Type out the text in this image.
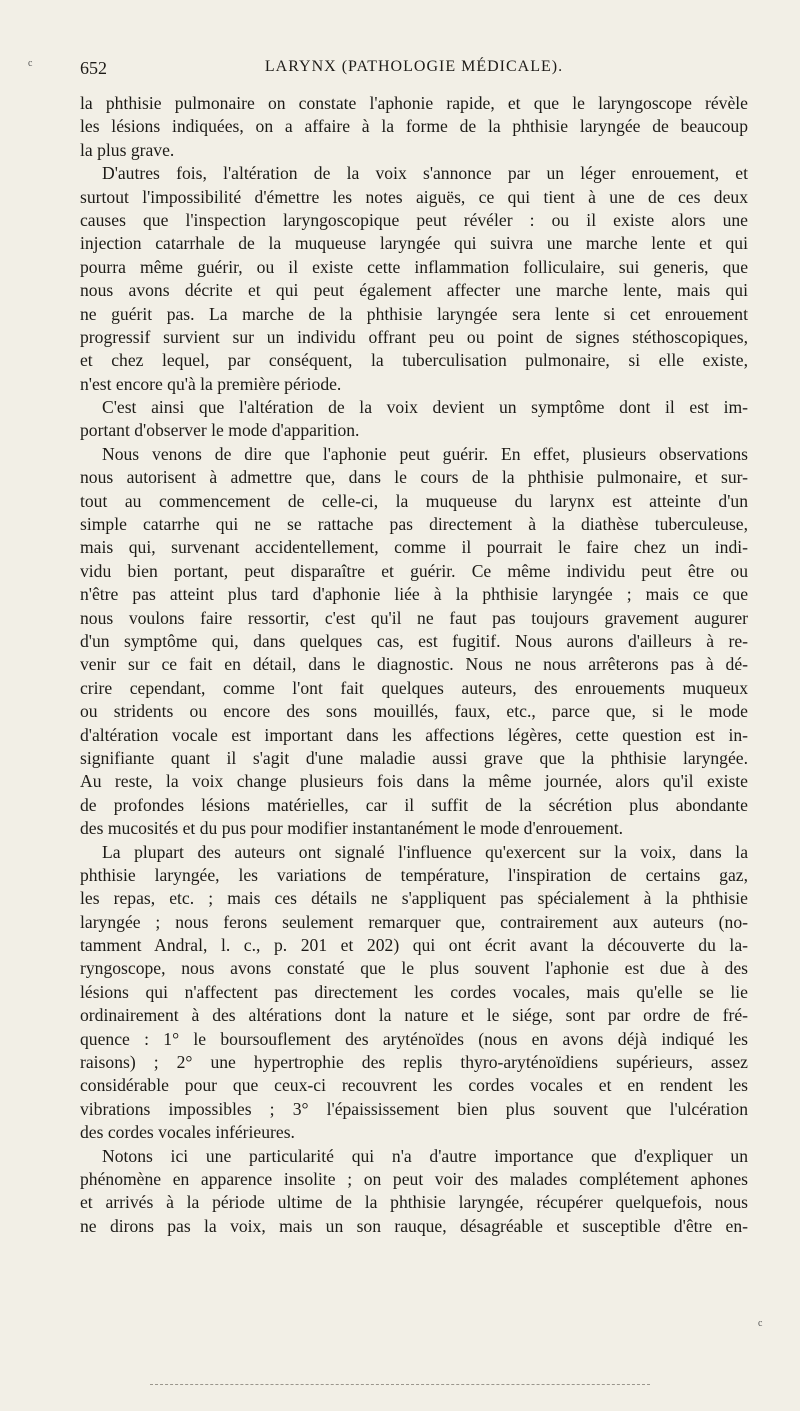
c	652	LARYNX (PATHOLOGIE MÉDICALE).
la phthisie pulmonaire on constate l'aphonie rapide, et que le laryngoscope révèle
les lésions indiquées, on a affaire à la forme de la phthisie laryngée de beaucoup
la plus grave.
D'autres fois, l'altération de la voix s'annonce par un léger enrouement, et
surtout l'impossibilité d'émettre les notes aiguës, ce qui tient à une de ces deux
causes que l'inspection laryngoscopique peut révéler : ou il existe alors une
injection catarrhale de la muqueuse laryngée qui suivra une marche lente et qui
pourra même guérir, ou il existe cette inflammation folliculaire, sui generis, que
nous avons décrite et qui peut également affecter une marche lente, mais qui
ne guérit pas. La marche de la phthisie laryngée sera lente si cet enrouement
progressif survient sur un individu offrant peu ou point de signes stéthoscopiques,
et chez lequel, par conséquent, la tuberculisation pulmonaire, si elle existe,
n'est encore qu'à la première période.
C'est ainsi que l'altération de la voix devient un symptôme dont il est im-
portant d'observer le mode d'apparition.
Nous venons de dire que l'aphonie peut guérir. En effet, plusieurs observations
nous autorisent à admettre que, dans le cours de la phthisie pulmonaire, et sur-
tout au commencement de celle-ci, la muqueuse du larynx est atteinte d'un
simple catarrhe qui ne se rattache pas directement à la diathèse tuberculeuse,
mais qui, survenant accidentellement, comme il pourrait le faire chez un indi-
vidu bien portant, peut disparaître et guérir. Ce même individu peut être ou
n'être pas atteint plus tard d'aphonie liée à la phthisie laryngée ; mais ce que
nous voulons faire ressortir, c'est qu'il ne faut pas toujours gravement augurer
d'un symptôme qui, dans quelques cas, est fugitif. Nous aurons d'ailleurs à re-
venir sur ce fait en détail, dans le diagnostic. Nous ne nous arrêterons pas à dé-
crire cependant, comme l'ont fait quelques auteurs, des enrouements muqueux
ou stridents ou encore des sons mouillés, faux, etc., parce que, si le mode
d'altération vocale est important dans les affections légères, cette question est in-
signifiante quant il s'agit d'une maladie aussi grave que la phthisie laryngée.
Au reste, la voix change plusieurs fois dans la même journée, alors qu'il existe
de profondes lésions matérielles, car il suffit de la sécrétion plus abondante
des mucosités et du pus pour modifier instantanément le mode d'enrouement.
La plupart des auteurs ont signalé l'influence qu'exercent sur la voix, dans la
phthisie laryngée, les variations de température, l'inspiration de certains gaz,
les repas, etc. ; mais ces détails ne s'appliquent pas spécialement à la phthisie
laryngée ; nous ferons seulement remarquer que, contrairement aux auteurs (no-
tamment Andral, l. c., p. 201 et 202) qui ont écrit avant la découverte du la-
ryngoscope, nous avons constaté que le plus souvent l'aphonie est due à des
lésions qui n'affectent pas directement les cordes vocales, mais qu'elle se lie
ordinairement à des altérations dont la nature et le siége, sont par ordre de fré-
quence : 1° le boursouflement des aryténoïdes (nous en avons déjà indiqué les
raisons) ; 2° une hypertrophie des replis thyro-aryténoïdiens supérieurs, assez
considérable pour que ceux-ci recouvrent les cordes vocales et en rendent les
vibrations impossibles ; 3° l'épaississement bien plus souvent que l'ulcération
des cordes vocales inférieures.
Notons ici une particularité qui n'a d'autre importance que d'expliquer un
phénomène en apparence insolite ; on peut voir des malades complétement aphones
et arrivés à la période ultime de la phthisie laryngée, récupérer quelquefois, nous
ne dirons pas la voix, mais un son rauque, désagréable et susceptible d'être en-
c
